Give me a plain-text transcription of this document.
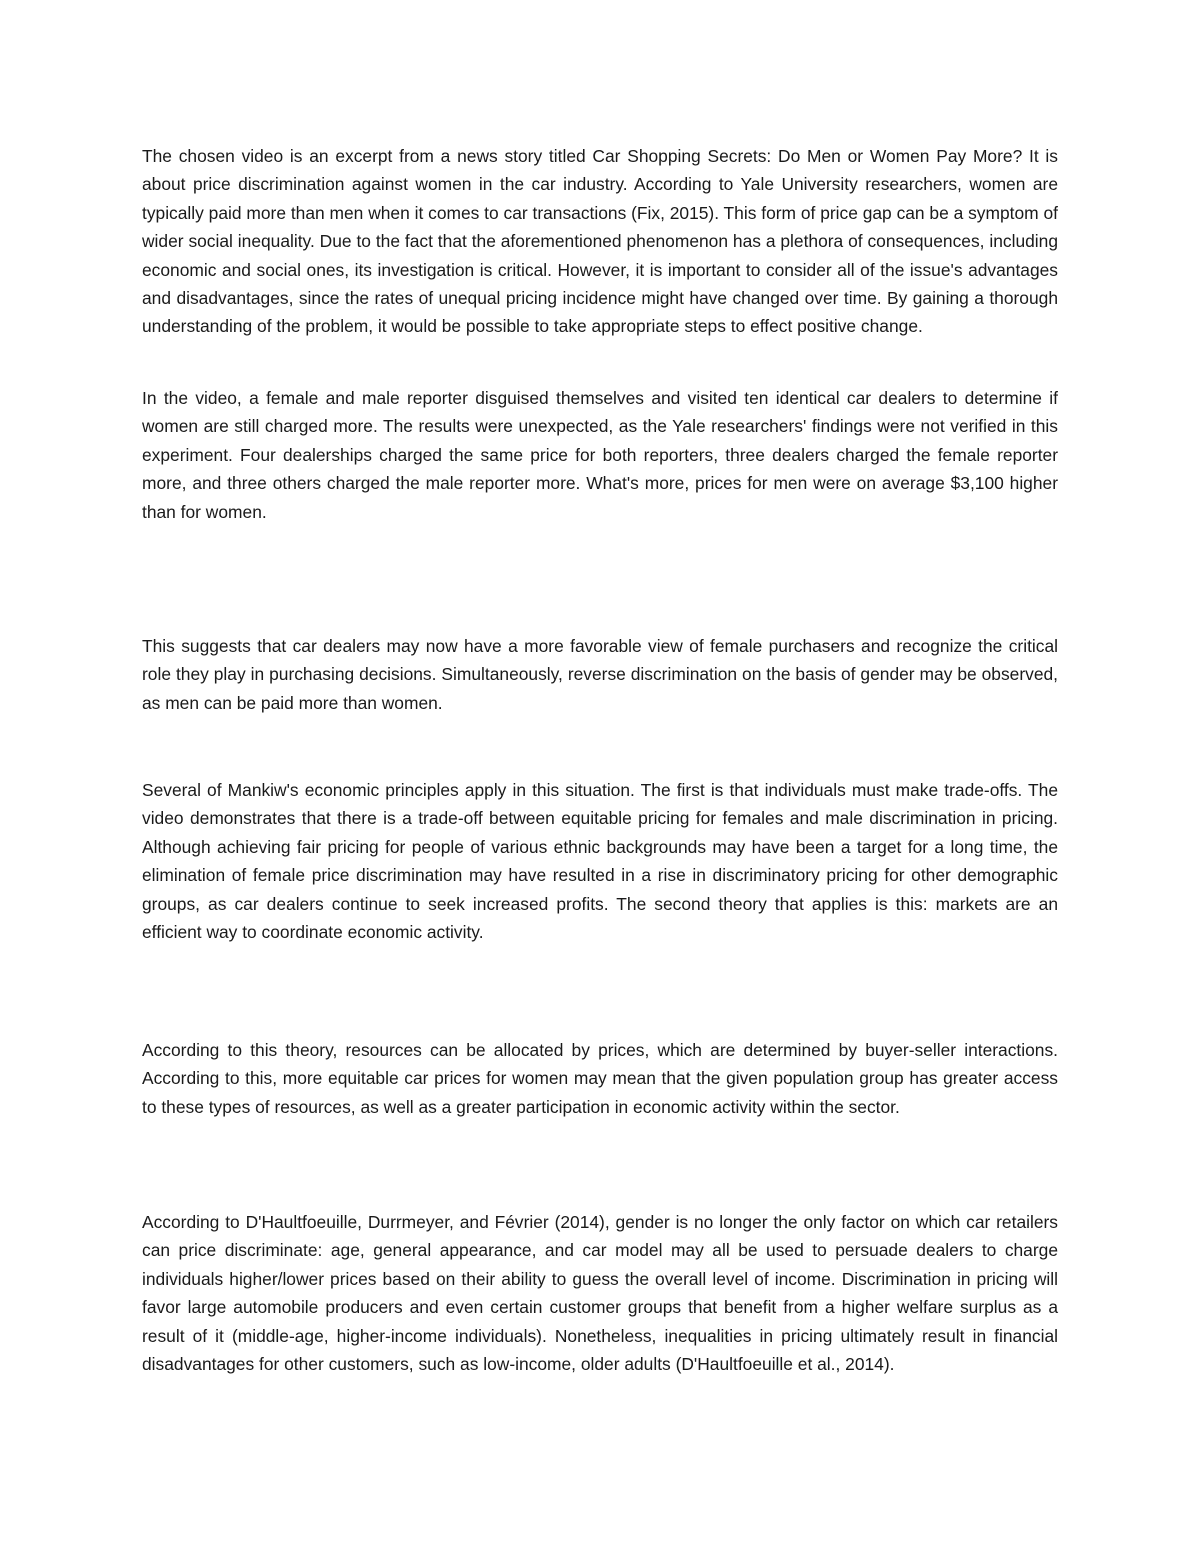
The chosen video is an excerpt from a news story titled Car Shopping Secrets: Do Men or Women Pay More? It is about price discrimination against women in the car industry. According to Yale University researchers, women are typically paid more than men when it comes to car transactions (Fix, 2015). This form of price gap can be a symptom of wider social inequality. Due to the fact that the aforementioned phenomenon has a plethora of consequences, including economic and social ones, its investigation is critical. However, it is important to consider all of the issue's advantages and disadvantages, since the rates of unequal pricing incidence might have changed over time. By gaining a thorough understanding of the problem, it would be possible to take appropriate steps to effect positive change.

In the video, a female and male reporter disguised themselves and visited ten identical car dealers to determine if women are still charged more. The results were unexpected, as the Yale researchers' findings were not verified in this experiment. Four dealerships charged the same price for both reporters, three dealers charged the female reporter more, and three others charged the male reporter more. What's more, prices for men were on average $3,100 higher than for women.

This suggests that car dealers may now have a more favorable view of female purchasers and recognize the critical role they play in purchasing decisions. Simultaneously, reverse discrimination on the basis of gender may be observed, as men can be paid more than women.

Several of Mankiw's economic principles apply in this situation. The first is that individuals must make trade-offs. The video demonstrates that there is a trade-off between equitable pricing for females and male discrimination in pricing. Although achieving fair pricing for people of various ethnic backgrounds may have been a target for a long time, the elimination of female price discrimination may have resulted in a rise in discriminatory pricing for other demographic groups, as car dealers continue to seek increased profits. The second theory that applies is this: markets are an efficient way to coordinate economic activity.

According to this theory, resources can be allocated by prices, which are determined by buyer-seller interactions. According to this, more equitable car prices for women may mean that the given population group has greater access to these types of resources, as well as a greater participation in economic activity within the sector.

According to D'Haultfoeuille, Durrmeyer, and Février (2014), gender is no longer the only factor on which car retailers can price discriminate: age, general appearance, and car model may all be used to persuade dealers to charge individuals higher/lower prices based on their ability to guess the overall level of income. Discrimination in pricing will favor large automobile producers and even certain customer groups that benefit from a higher welfare surplus as a result of it (middle-age, higher-income individuals). Nonetheless, inequalities in pricing ultimately result in financial disadvantages for other customers, such as low-income, older adults (D'Haultfoeuille et al., 2014).
